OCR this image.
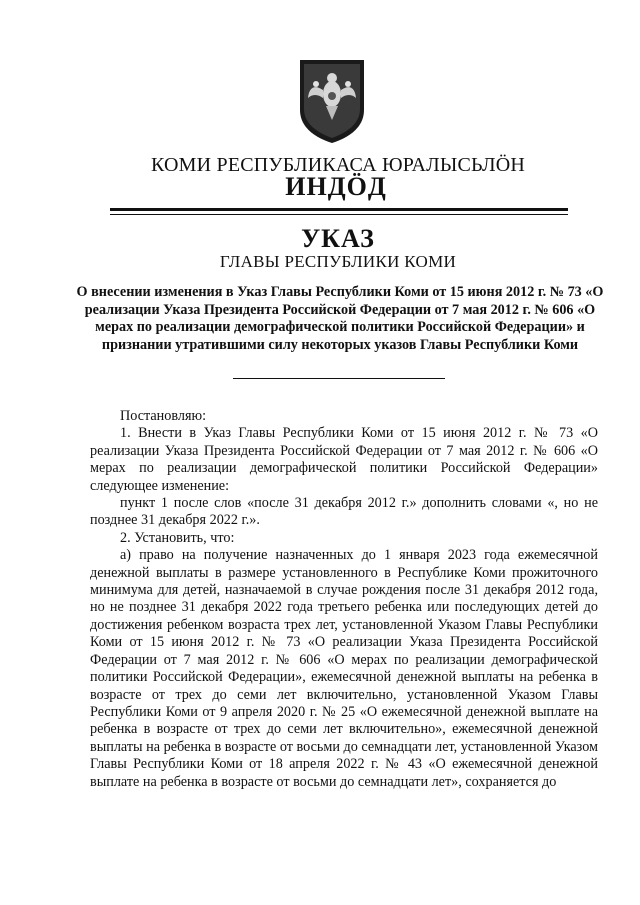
КОМИ РЕСПУБЛИКАСА ЮРАЛЫСЬЛӦН
ИНДӦД
УКАЗ
ГЛАВЫ РЕСПУБЛИКИ КОМИ
О внесении изменения в Указ Главы Республики Коми от 15 июня 2012 г. № 73 «О реализации Указа Президента Российской Федерации от 7 мая 2012 г. № 606 «О мерах по реализации демографической политики Российской Федерации» и признании утратившими силу некоторых указов Главы Республики Коми

Постановляю:

1. Внести в Указ Главы Республики Коми от 15 июня 2012 г. № 73 «О реализации Указа Президента Российской Федерации от 7 мая 2012 г. № 606 «О мерах по реализации демографической политики Российской Федерации» следующее изменение:

пункт 1 после слов «после 31 декабря 2012 г.» дополнить словами «, но не позднее 31 декабря 2022 г.».

2. Установить, что:

а) право на получение назначенных до 1 января 2023 года ежемесячной денежной выплаты в размере установленного в Республике Коми прожиточного минимума для детей, назначаемой в случае рождения после 31 декабря 2012 года, но не позднее 31 декабря 2022 года третьего ребенка или последующих детей до достижения ребенком возраста трех лет, установленной Указом Главы Республики Коми от 15 июня 2012 г. № 73 «О реализации Указа Президента Российской Федерации от 7 мая 2012 г. № 606 «О мерах по реализации демографической политики Российской Федерации», ежемесячной денежной выплаты на ребенка в возрасте от трех до семи лет включительно, установленной Указом Главы Республики Коми от 9 апреля 2020 г. № 25 «О ежемесячной денежной выплате на ребенка в возрасте от трех до семи лет включительно», ежемесячной денежной выплаты на ребенка в возрасте от восьми до семнадцати лет, установленной Указом Главы Республики Коми от 18 апреля 2022 г. № 43 «О ежемесячной денежной выплате на ребенка в возрасте от восьми до семнадцати лет», сохраняется до
